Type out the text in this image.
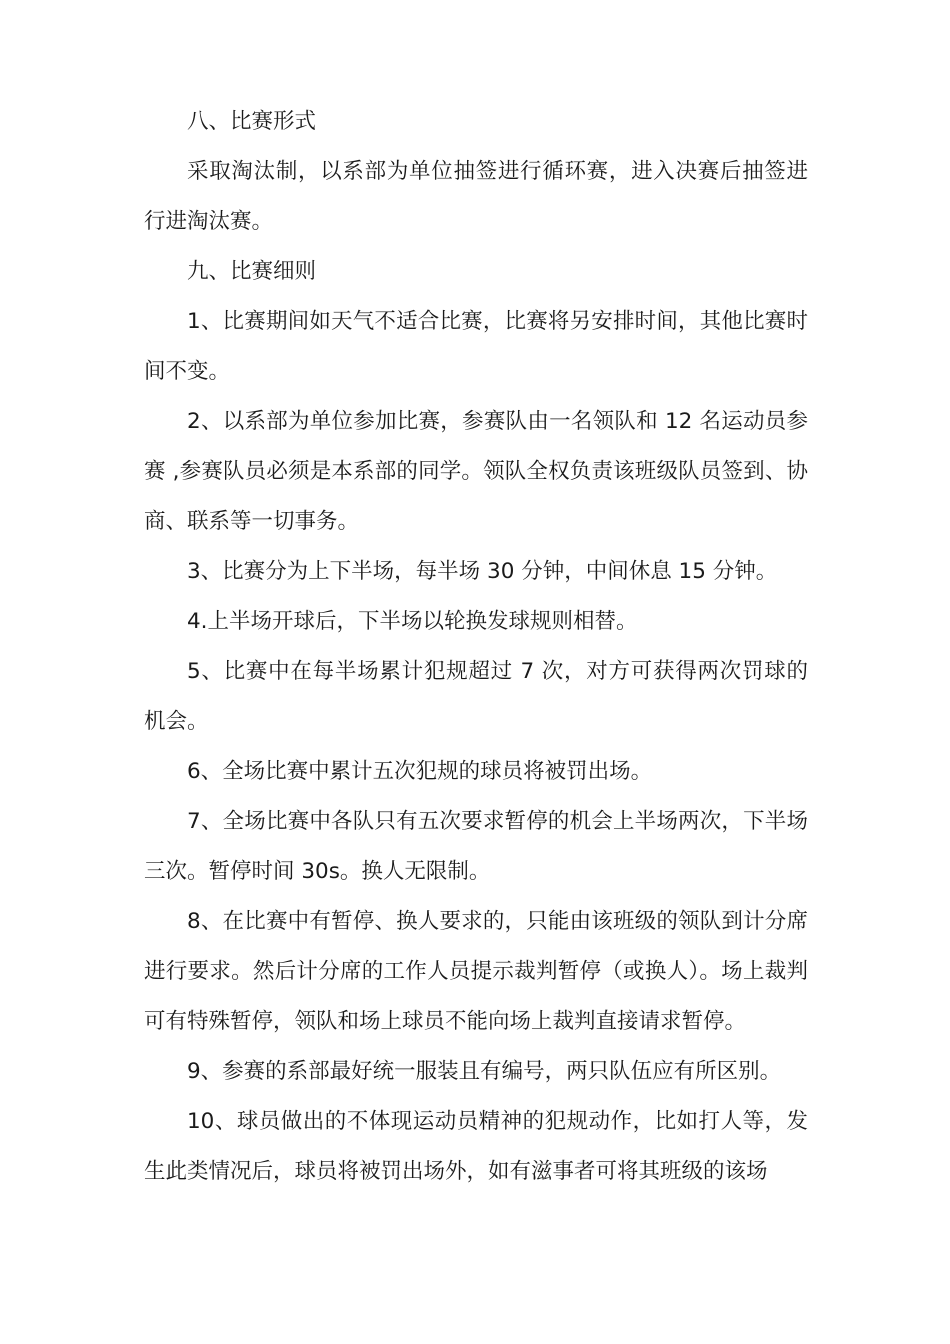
八、比赛形式

采取淘汰制，以系部为单位抽签进行循环赛，进入决赛后抽签进行进淘汰赛。

九、比赛细则

1、比赛期间如天气不适合比赛，比赛将另安排时间，其他比赛时间不变。

2、以系部为单位参加比赛，参赛队由一名领队和 12 名运动员参赛 ,参赛队员必须是本系部的同学。领队全权负责该班级队员签到、协商、联系等一切事务。

3、比赛分为上下半场，每半场 30 分钟，中间休息 15 分钟。

4.上半场开球后，下半场以轮换发球规则相替。

5、比赛中在每半场累计犯规超过 7 次，对方可获得两次罚球的机会。

6、全场比赛中累计五次犯规的球员将被罚出场。

7、全场比赛中各队只有五次要求暂停的机会上半场两次，下半场三次。暂停时间 30s。换人无限制。

8、在比赛中有暂停、换人要求的，只能由该班级的领队到计分席进行要求。然后计分席的工作人员提示裁判暂停（或换人）。场上裁判可有特殊暂停，领队和场上球员不能向场上裁判直接请求暂停。

9、参赛的系部最好统一服装且有编号，两只队伍应有所区别。

10、球员做出的不体现运动员精神的犯规动作，比如打人等，发生此类情况后，球员将被罚出场外，如有滋事者可将其班级的该场
